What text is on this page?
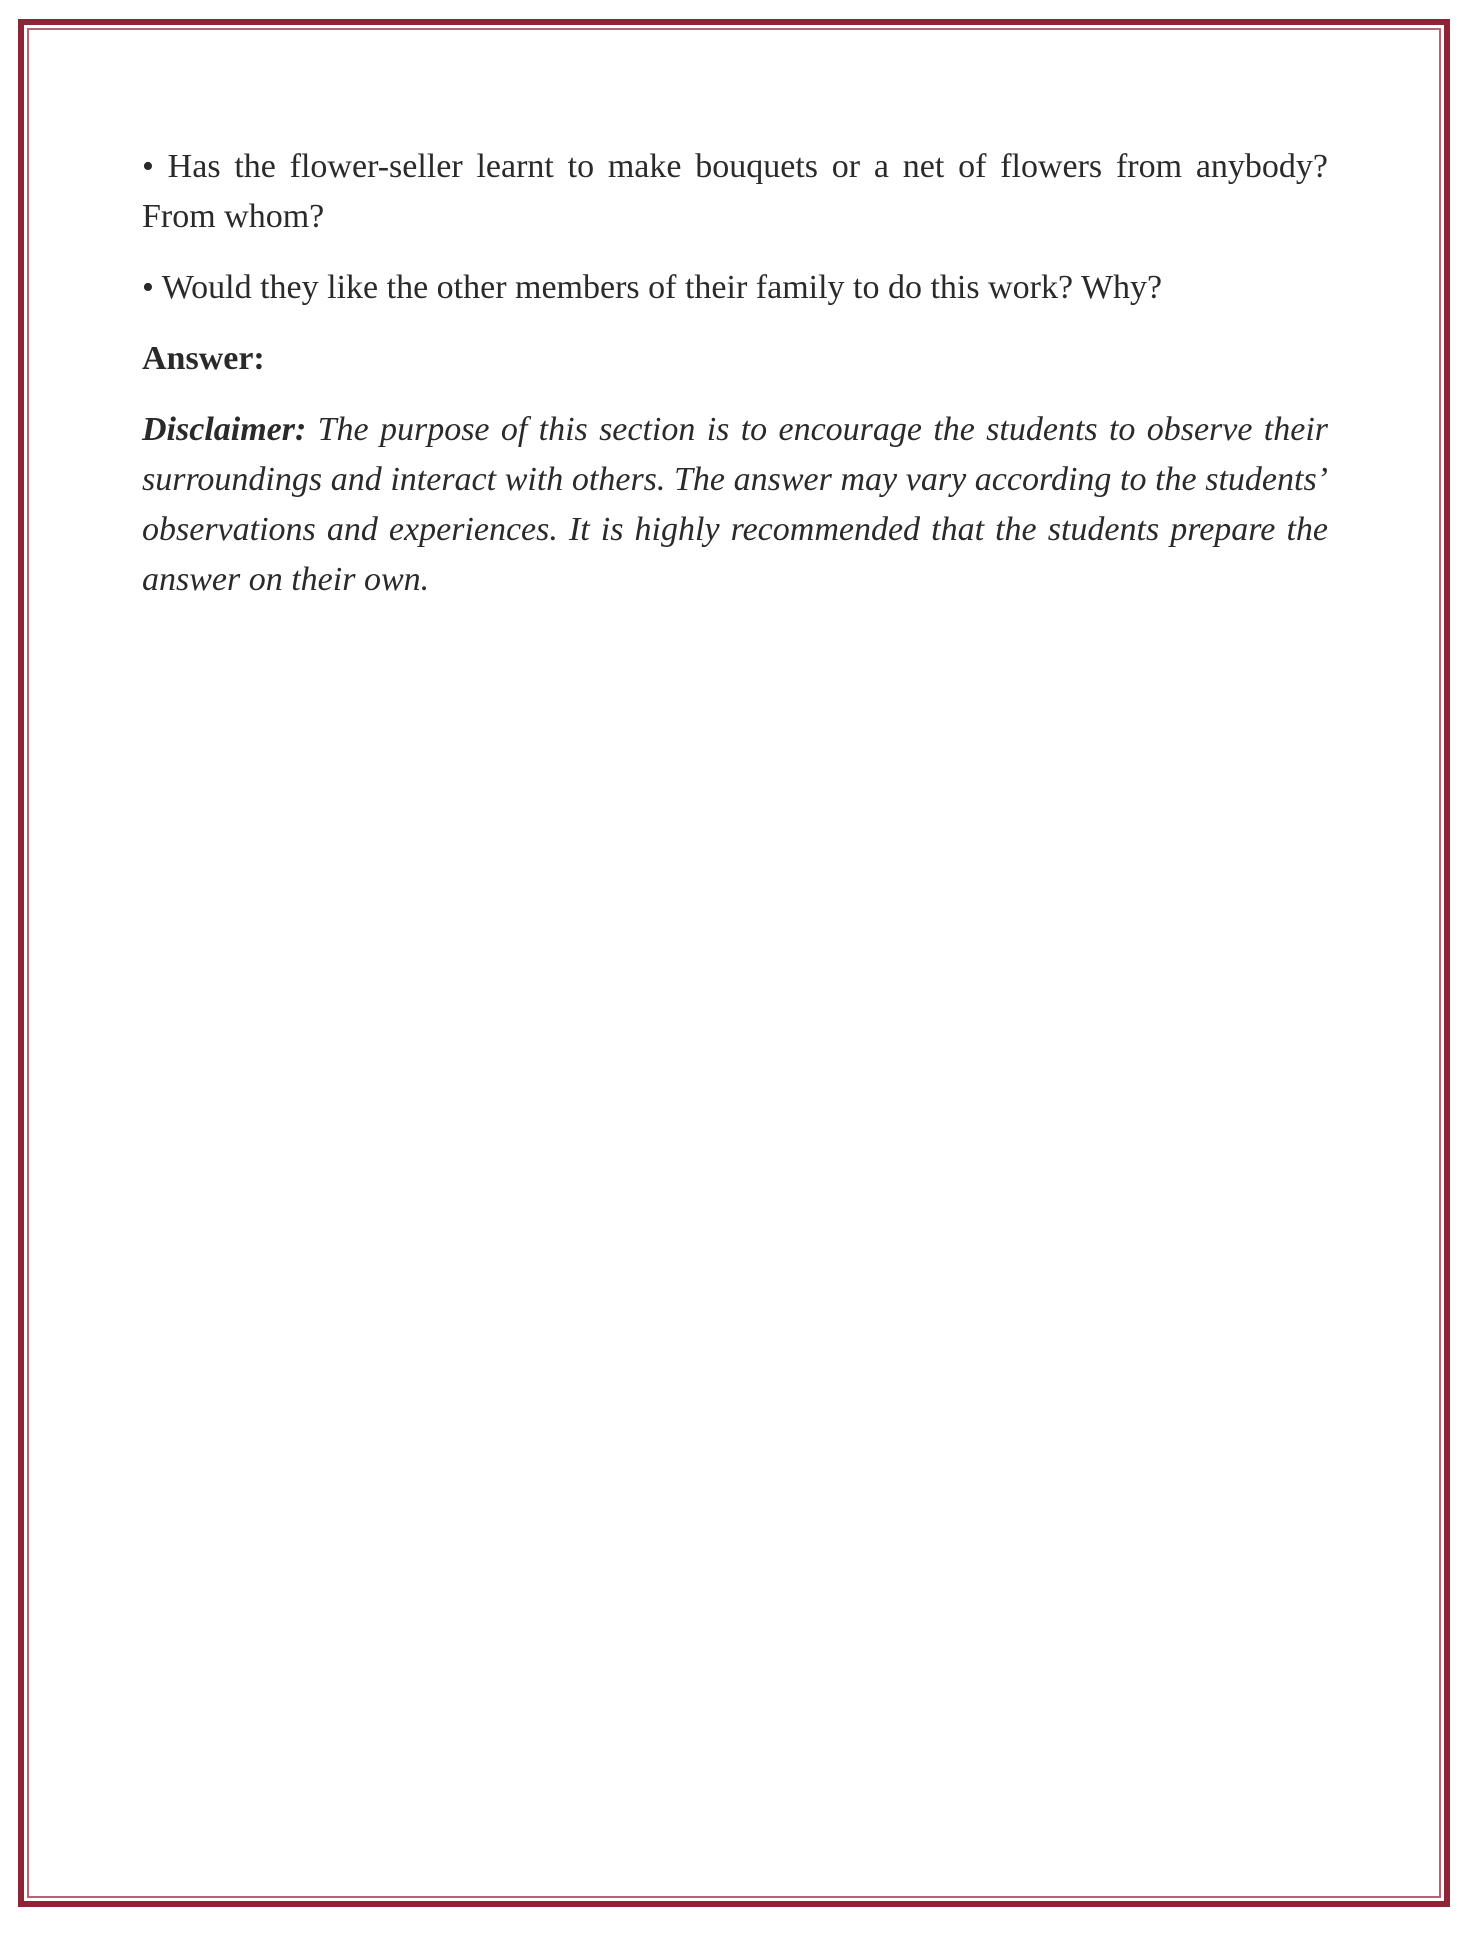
• Has the flower-seller learnt to make bouquets or a net of flowers from anybody? From whom?

• Would they like the other members of their family to do this work? Why?

Answer:

Disclaimer: The purpose of this section is to encourage the students to observe their surroundings and interact with others. The answer may vary according to the students’ observations and experiences. It is highly recommended that the students prepare the answer on their own.
